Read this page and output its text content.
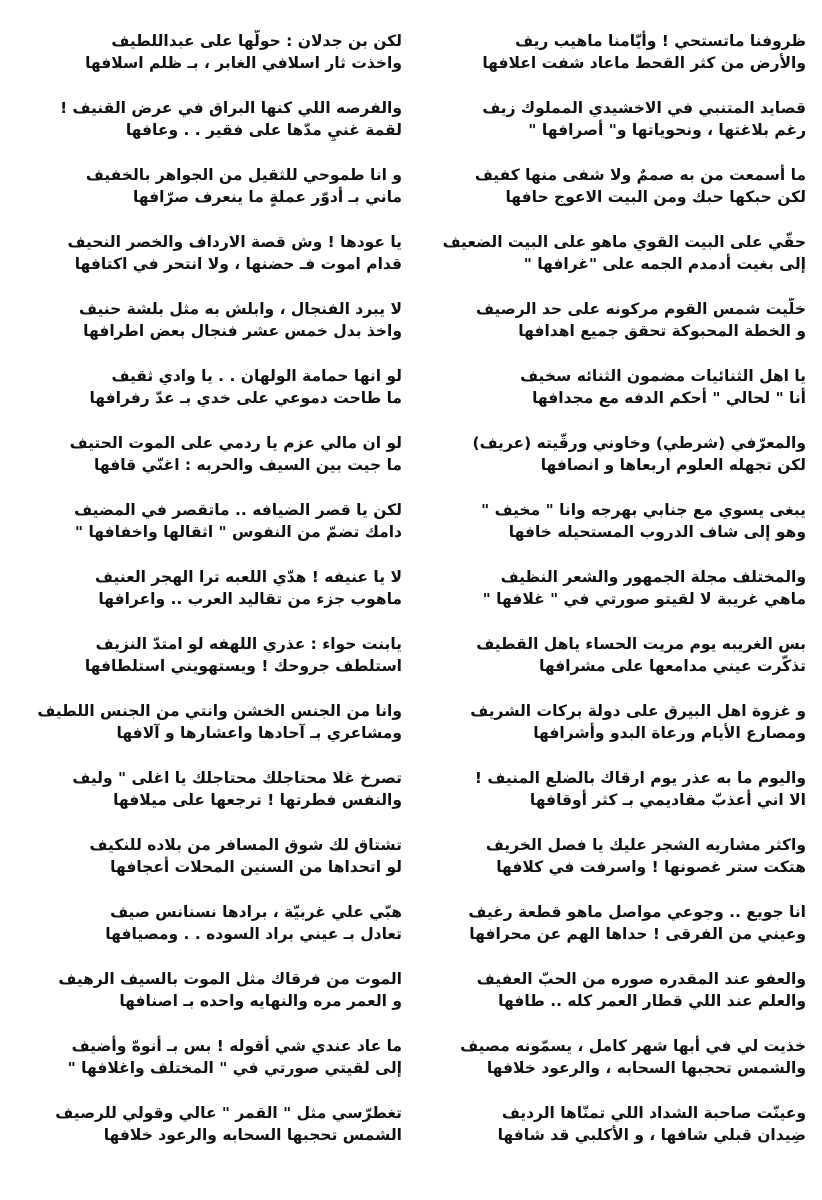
ظروفنا ماتستحي ! وأيّامنا ماهيب ريف
والأرض من كثر القحط ماعاد شفت اعلافها
قصايد المتنبي في الاخشيدي المملوك زيف
رغم بلاغتها ، ونحوياتها و" أصرافها "
ما أسمعت من به صممٌ ولا شفى منها كفيف
لكن حبكها حبك ومن البيت الاعوج حافها
حقّي على البيت القوي ماهو على البيت الضعيف
إلى بغيت أدمدم الجمه على "غرافها "
خلّيت شمس القوم مركونه على حد الرصيف
و الخطة المحبوكة تحقق جميع اهدافها
يا اهل الثنائيات مضمون الثنائه سخيف
أنا " لحالي " أحكم الدفه مع مجدافها
والمعرّفي (شرطي) وخاوني ورقّيته (عريف)
لكن تجهله العلوم اربعاها و انصافها
يبغى يسوي مع جنابي بهرجه وانا " مخيف "
وهو إلى شاف الدروب المستحيله خافها
والمختلف مجلة الجمهور والشعر النظيف
ماهي غريبة لا لقيتو صورتي في " غلافها "
بس الغريبه يوم مريت الحساء ياهل القطيف
تذكّرت عيني مدامعها على مشرافها
و غزوة اهل البيرق على دولة بركات الشريف
ومصارع الأيام ورعاة البدو وأشرافها
واليوم ما به عذر يوم ارقاك بالضلع المنيف !
الا اني أعذبّ مقاديمي بـ كثر أوقافها
واكثر مشاريه الشجر عليك يا فصل الخريف
هتكت ستر غصونها ! واسرفت في كلافها
انا جويع .. وجوعي مواصل ماهو قطعة رغيف
وعيني من الفرقى ! حداها الهم عن محرافها
والعفو عند المقدره صوره من الحبّ العفيف
والعلم عند اللي قطار العمر كله .. طافها
خذيت لي في أبها شهر كامل ، يسمّونه مصيف
والشمس تحجبها السحابه ، والرعود خلافها
وعينّت صاحبة الشداد اللي تمنّاها الرديف
ضِيدان قبلي شافها ، و الأكلبي قد شافها
لكن بن جدلان : حولّها على عبداللطيف
واخذت ثار اسلافي الغابر ، بـ ظلم اسلافها
والفرصه اللي كنها البراق في عرض القنيف !
لقمة غنيٍ مدّها على فقير . . وعافها
و انا طموحي للثقيل من الجواهر بالخفيف
ماني بـ أدوّر عملةٍ ما ينعرف صرّافها
يا عودها ! وش قصة الارداف والخصر النحيف
قدام اموت فـ حضنها ، ولا انتحر في اكتافها
لا يبرد الفنجال ، وابلش به مثل بلشة حنيف
واخذ بدل خمس عشر فنجال بعض اطرافها
لو انها حمامة الولهان . . يا وادي ثقيف
ما طاحت دموعي على خدي بـ عدّ رفرافها
لو ان مالي عزم يا ردمي على الموت الحتيف
ما جيت بين السيف والحربه : اغنّي قافها
لكن يا قصر الضيافه .. ماتقصر في المضيف
دامك تضمّ من النفوس " اثقالها واخفافها "
لا يا عنيفه ! هدّي اللعبه ترا الهجر العنيف
ماهوب جزء من تقاليد العرب .. واعرافها
يابنت حواء : عذري اللهفه لو امتدّ النزيف
استلطف جروحك ! ويستهويني استلطافها
وانا من الجنس الخشن وانتي من الجنس اللطيف
ومشاعري بـ آحادها واعشارها و آلافها
تصرخ غلا محتاجلك محتاجلك يا اغلى " وليف
والنفس فطرتها ! ترجعها على ميلافها
تشتاق لك شوق المسافر من بلاده للنكيف
لو اتحداها من السنين المحلات أعجافها
هبّي علي غربيّة ، برادها نسنانس صيف
تعادل بـ عيني براد السوده . . ومصيافها
الموت من فرقاك مثل الموت بالسيف الرهيف
و العمر مره والنهايه واحده بـ اصنافها
ما عاد عندي شي أقوله ! بس بـ أنوهّ وأضيف
إلى لقيتي صورتي في " المختلف واغلافها "
تغطرّسي مثل " القمر " عالي وقولي للرصيف
الشمس تحجبها السحابه والرعود خلافها
